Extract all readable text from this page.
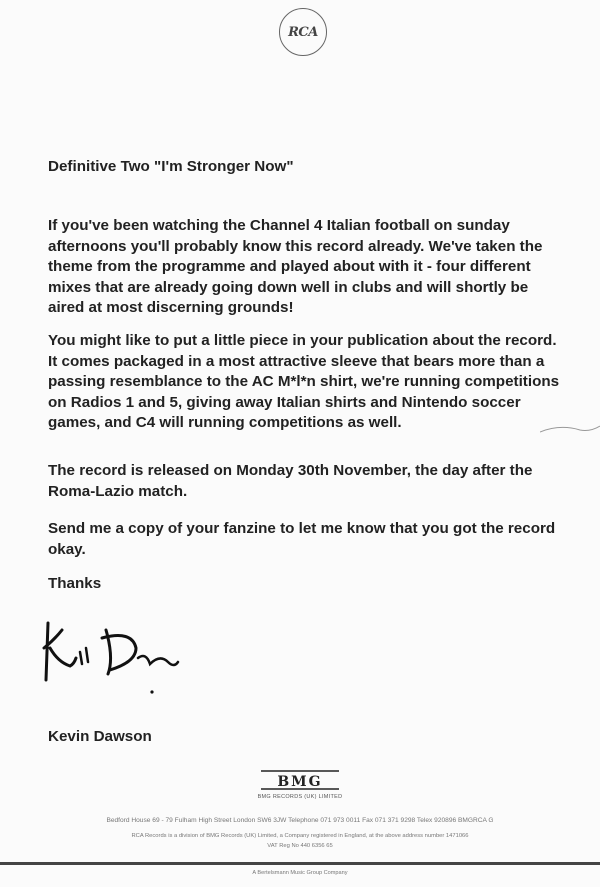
RCA

Definitive Two "I'm Stronger Now"

If you've been watching the Channel 4 Italian football on sunday afternoons you'll probably know this record already. We've taken the theme from the programme and played about with it - four different mixes that are already going down well in clubs and will shortly be aired at most discerning grounds!

You might like to put a little piece in your publication about the record. It comes packaged in a most attractive sleeve that bears more than a passing resemblance to the AC M*l*n shirt, we're running competitions on Radios 1 and 5, giving away Italian shirts and Nintendo soccer games, and C4 will running competitions as well.

The record is released on Monday 30th November, the day after the Roma-Lazio match.

Send me a copy of your fanzine to let me know that you got the record okay.

Thanks

Kevin Dawson

BMG
BMG RECORDS (UK) LIMITED

Bedford House 69 - 79 Fulham High Street London SW6 3JW Telephone 071 973 0011 Fax 071 371 9298 Telex 920896 BMGRCA G

RCA Records is a division of BMG Records (UK) Limited, a Company registered in England, at the above address number 1471066

VAT Reg No 440 6356 65

A Bertelsmann Music Group Company
